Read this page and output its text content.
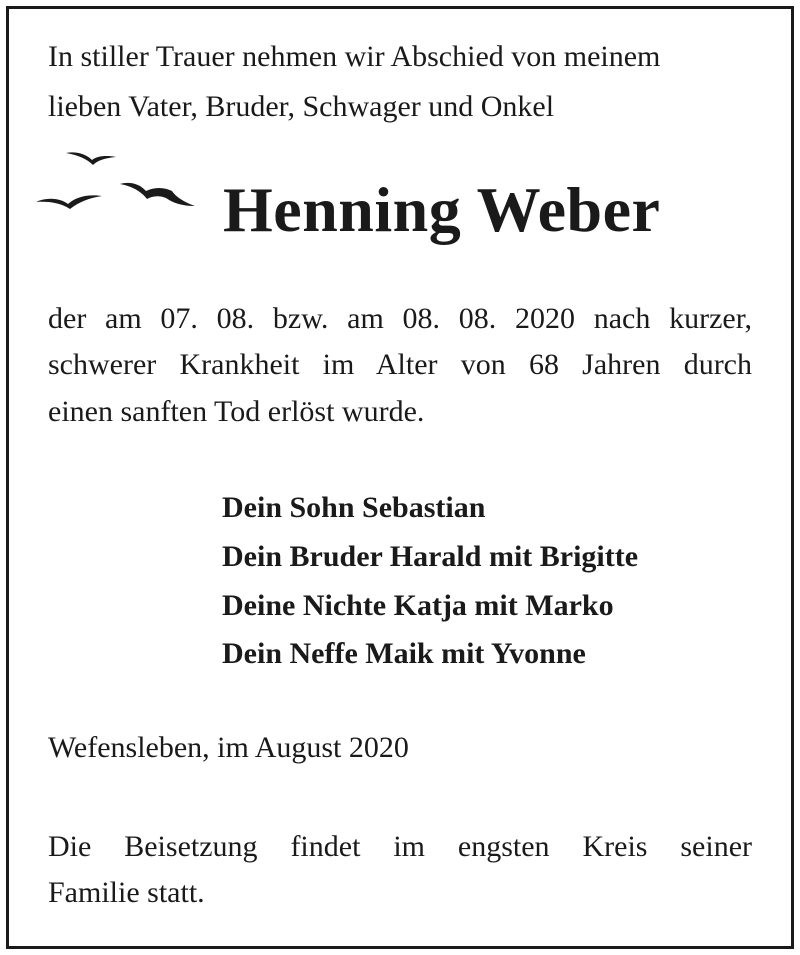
In stiller Trauer nehmen wir Abschied von meinem
lieben Vater, Bruder, Schwager und Onkel
Henning Weber
der am 07. 08. bzw. am 08. 08. 2020 nach kurzer,
schwerer Krankheit im Alter von 68 Jahren durch
einen sanften Tod erlöst wurde.
Dein Sohn Sebastian
Dein Bruder Harald mit Brigitte
Deine Nichte Katja mit Marko
Dein Neffe Maik mit Yvonne
Wefensleben, im August 2020
Die Beisetzung findet im engsten Kreis seiner
Familie statt.
